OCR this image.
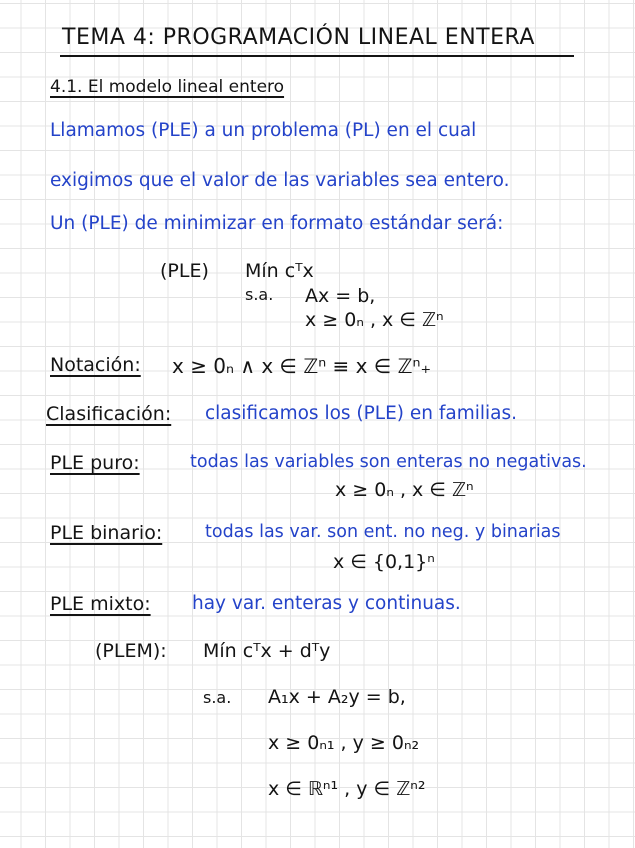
TEMA 4: PROGRAMACIÓN LINEAL ENTERA
4.1. El modelo lineal entero
Llamamos (PLE) a un problema (PL) en el cual
exigimos que el valor de las variables sea entero.
Un (PLE) de minimizar en formato estándar será:
(PLE) Mín cᵀx
s.a. Ax = b,
x ≥ 0ₙ , x ∈ ℤⁿ
Notación: x ≥ 0ₙ ∧ x ∈ ℤⁿ ≡ x ∈ ℤⁿ₊
Clasificación: clasificamos los (PLE) en familias.
PLE puro:	todas las variables son enteras no negativas.
x ≥ 0ₙ , x ∈ ℤⁿ
PLE binario: todas las var. son ent. no neg. y binarias
x ∈ {0,1}ⁿ
PLE mixto: hay var. enteras y continuas.
(PLEM): Mín cᵀx + dᵀy
s.a. A₁x + A₂y = b,
x ≥ 0ₙ₁ , y ≥ 0ₙ₂
x ∈ ℝⁿ¹ , y ∈ ℤⁿ²
